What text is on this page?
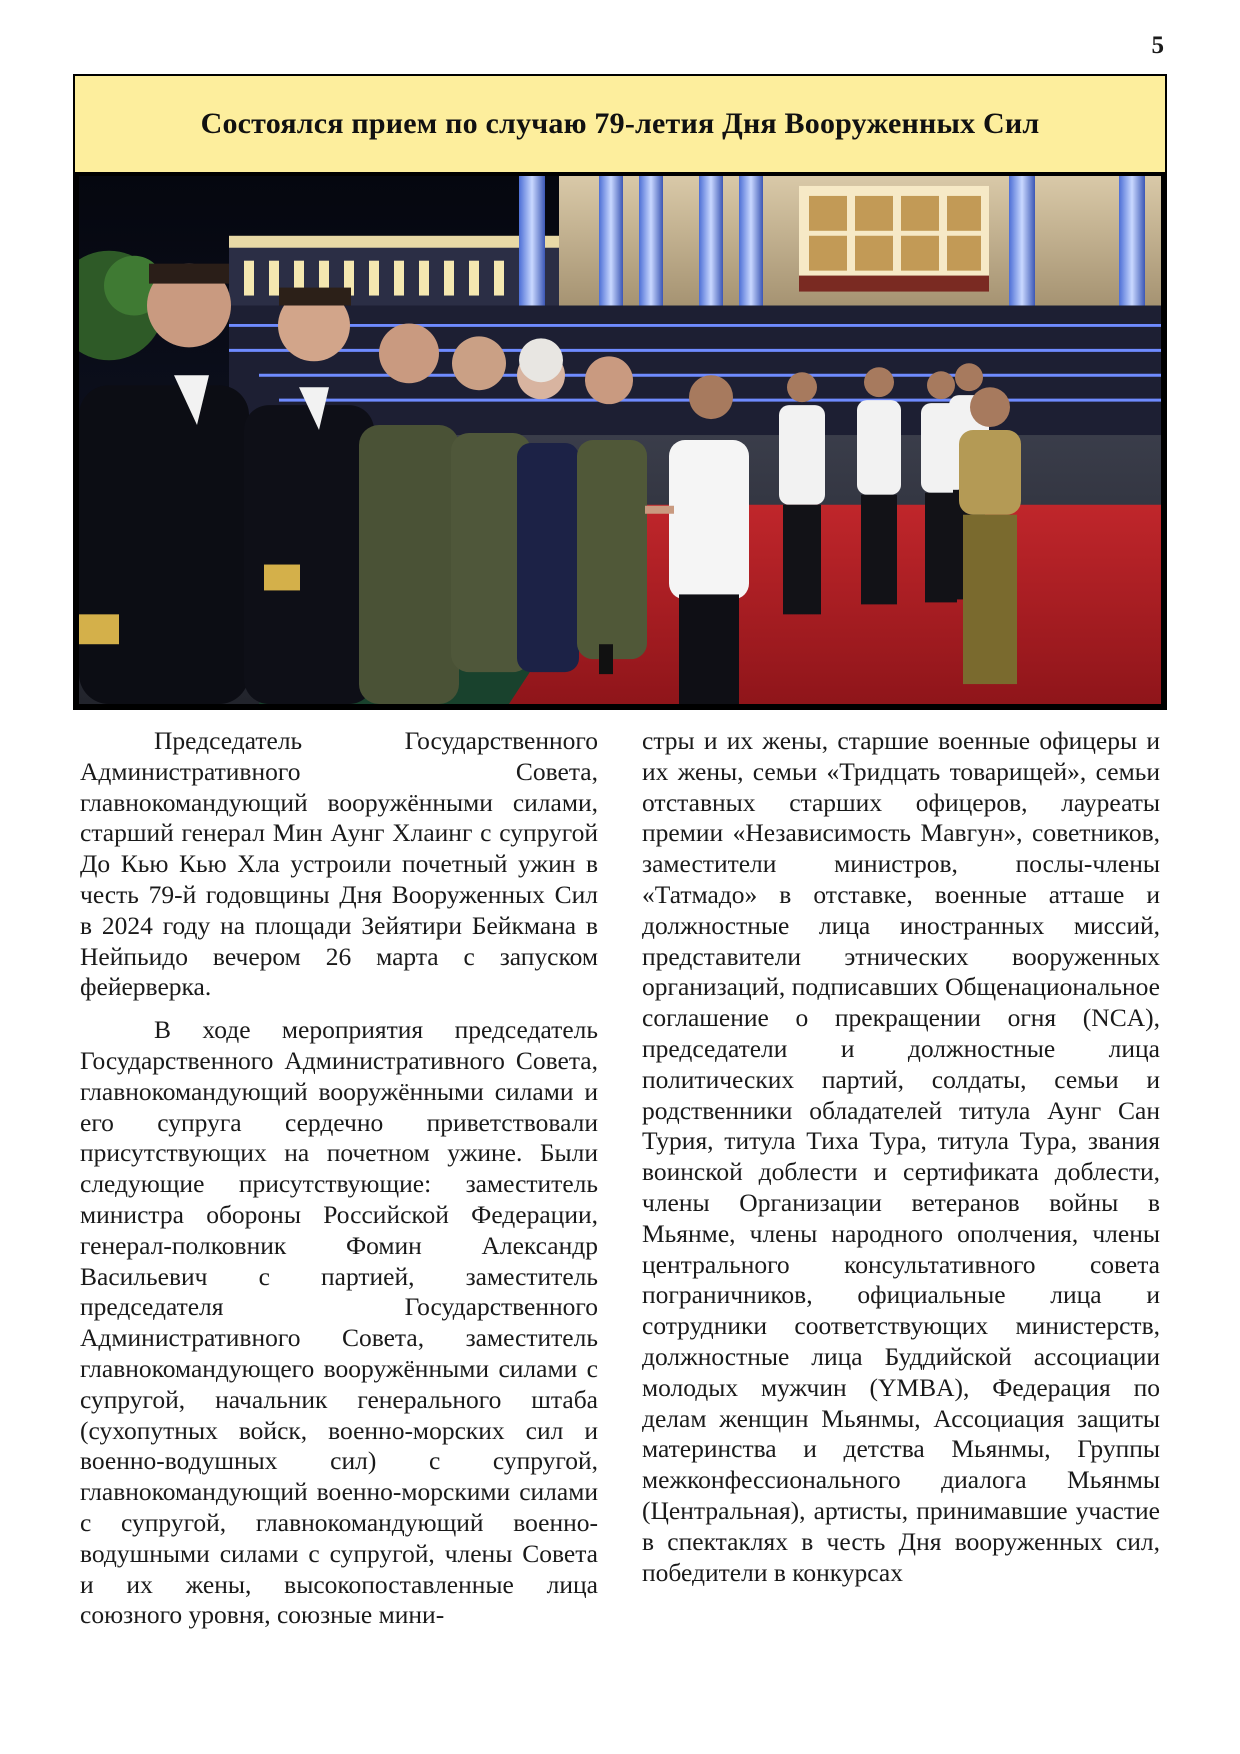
5
Состоялся прием по случаю 79-летия Дня Вооруженных Сил

Председатель Государственного Административного Совета, главнокомандующий вооружёнными силами, старший генерал Мин Аунг Хлаинг с супругой До Кью Кью Хла устроили почетный ужин в честь 79-й годовщины Дня Вооруженных Сил в 2024 году на площади Зейятири Бейкмана в Нейпьидо вечером 26 марта с запуском фейерверка.

В ходе мероприятия председатель Государственного Административного Совета, главнокомандующий вооружёнными силами и его супруга сердечно приветствовали присутствующих на почетном ужине. Были следующие присутствующие: заместитель министра обороны Российской Федерации, генерал-полковник Фомин Александр Васильевич с партией, заместитель председателя Государственного Административного Совета, заместитель главнокомандующего вооружёнными силами с супругой, начальник генерального штаба (сухопутных войск, военно-морских сил и военно-водушных сил) с супругой, главнокомандующий военно-морскими силами с супругой, главнокомандующий военно-водушными силами с супругой, члены Совета и их жены, высокопоставленные лица союзного уровня, союзные мини-

стры и их жены, старшие военные офицеры и их жены, семьи «Тридцать товарищей», семьи отставных старших офицеров, лауреаты премии «Независимость Мавгун», советников, заместители министров, послы-члены «Татмадо» в отставке, военные атташе и должностные лица иностранных миссий, представители этнических вооруженных организаций, подписавших Общенациональное соглашение о прекращении огня (NCA), председатели и должностные лица политических партий, солдаты, семьи и родственники обладателей титула Аунг Сан Турия, титула Тиха Тура, титула Тура, звания воинской доблести и сертификата доблести, члены Организации ветеранов войны в Мьянме, члены народного ополчения, члены центрального консультативного совета пограничников, официальные лица и сотрудники соответствующих министерств, должностные лица Буддийской ассоциации молодых мужчин (YMBA), Федерация по делам женщин Мьянмы, Ассоциация защиты материнства и детства Мьянмы, Группы межконфессионального диалога Мьянмы (Центральная), артисты, принимавшие участие в спектаклях в честь Дня вооруженных сил, победители в конкурсах
